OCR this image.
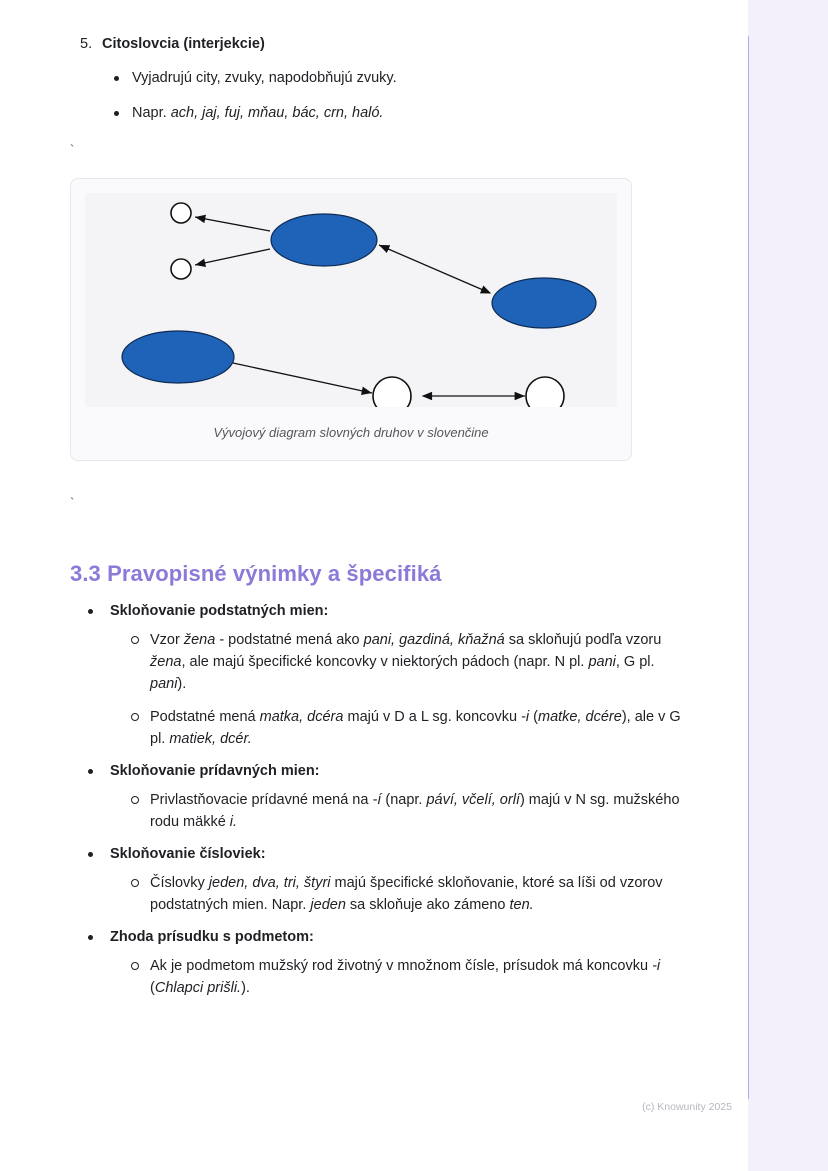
5. Citoslovcia (interjekcie)
Vyjadrujú city, zvuky, napodobňujú zvuky.
Napr. ach, jaj, fuj, mňau, bác, crn, haló.
`
Vývojový diagram slovných druhov v slovenčine
`
3.3 Pravopisné výnimky a špecifiká
Skloňovanie podstatných mien:
Vzor žena - podstatné mená ako pani, gazdiná, kňažná sa skloňujú podľa vzoru žena, ale majú špecifické koncovky v niektorých pádoch (napr. N pl. pani, G pl. pani).
Podstatné mená matka, dcéra majú v D a L sg. koncovku -i (matke, dcére), ale v G pl. matiek, dcér.
Skloňovanie prídavných mien:
Privlastňovacie prídavné mená na -í (napr. páví, včelí, orlí) majú v N sg. mužského rodu mäkké i.
Skloňovanie čísloviek:
Číslovky jeden, dva, tri, štyri majú špecifické skloňovanie, ktoré sa líši od vzorov podstatných mien. Napr. jeden sa skloňuje ako zámeno ten.
Zhoda prísudku s podmetom:
Ak je podmetom mužský rod životný v množnom čísle, prísudok má koncovku -i (Chlapci prišli.).
(c) Knowunity 2025
